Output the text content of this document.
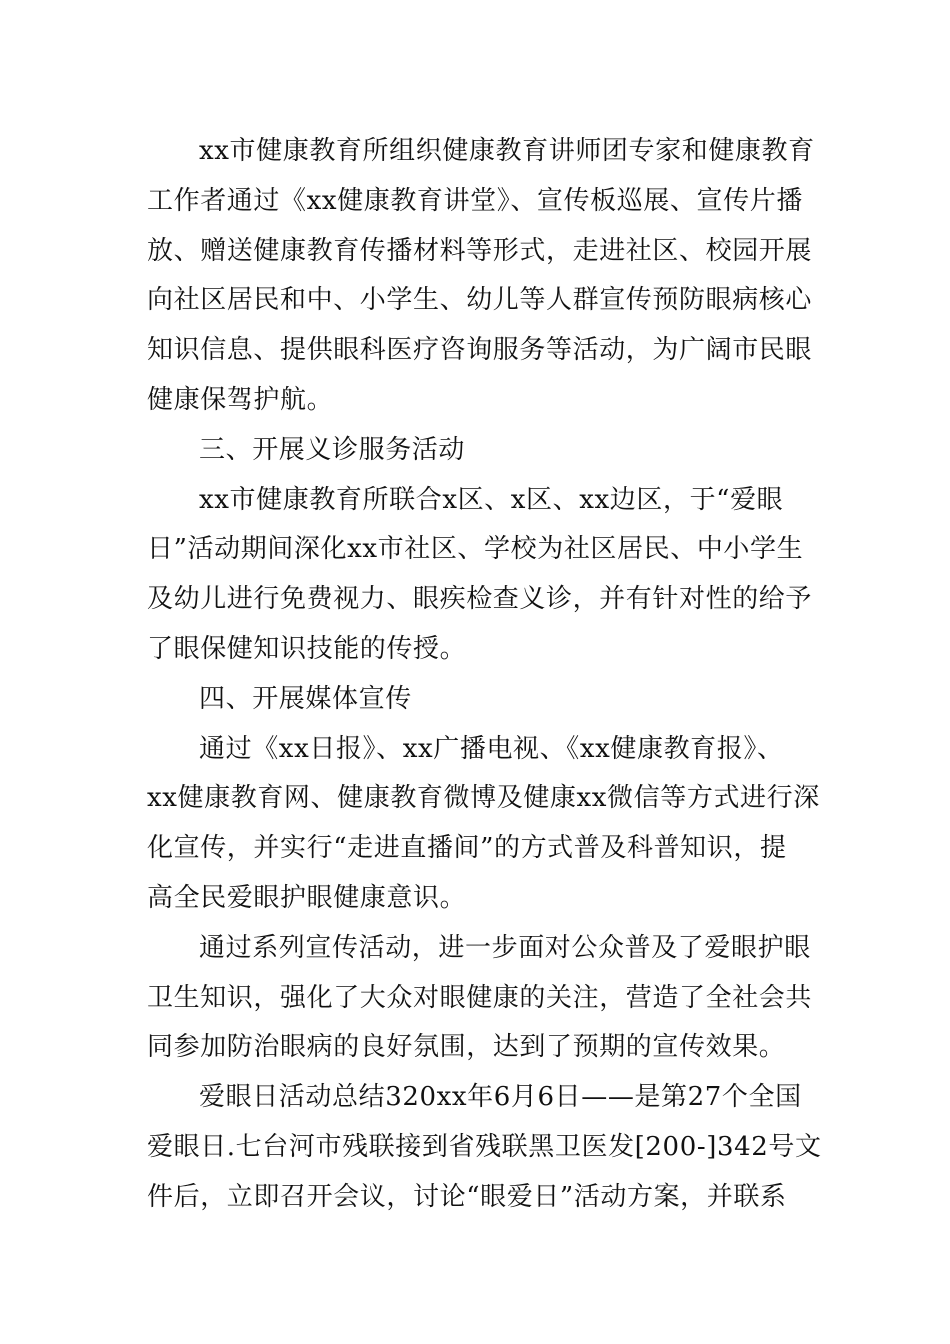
xx市健康教育所组织健康教育讲师团专家和健康教育
工作者通过《xx健康教育讲堂》、宣传板巡展、宣传片播
放、赠送健康教育传播材料等形式，走进社区、校园开展
向社区居民和中、小学生、幼儿等人群宣传预防眼病核心
知识信息、提供眼科医疗咨询服务等活动，为广阔市民眼
健康保驾护航。
三、开展义诊服务活动
xx市健康教育所联合x区、x区、xx边区，于“爱眼
日”活动期间深化xx市社区、学校为社区居民、中小学生
及幼儿进行免费视力、眼疾检查义诊，并有针对性的给予
了眼保健知识技能的传授。
四、开展媒体宣传
通过《xx日报》、xx广播电视、《xx健康教育报》、
xx健康教育网、健康教育微博及健康xx微信等方式进行深
化宣传，并实行“走进直播间”的方式普及科普知识，提
高全民爱眼护眼健康意识。
通过系列宣传活动，进一步面对公众普及了爱眼护眼
卫生知识，强化了大众对眼健康的关注，营造了全社会共
同参加防治眼病的良好氛围，达到了预期的宣传效果。
爱眼日活动总结320xx年6月6日——是第27个全国
爱眼日.七台河市残联接到省残联黑卫医发[200-]342号文
件后，立即召开会议，讨论“眼爱日”活动方案，并联系
